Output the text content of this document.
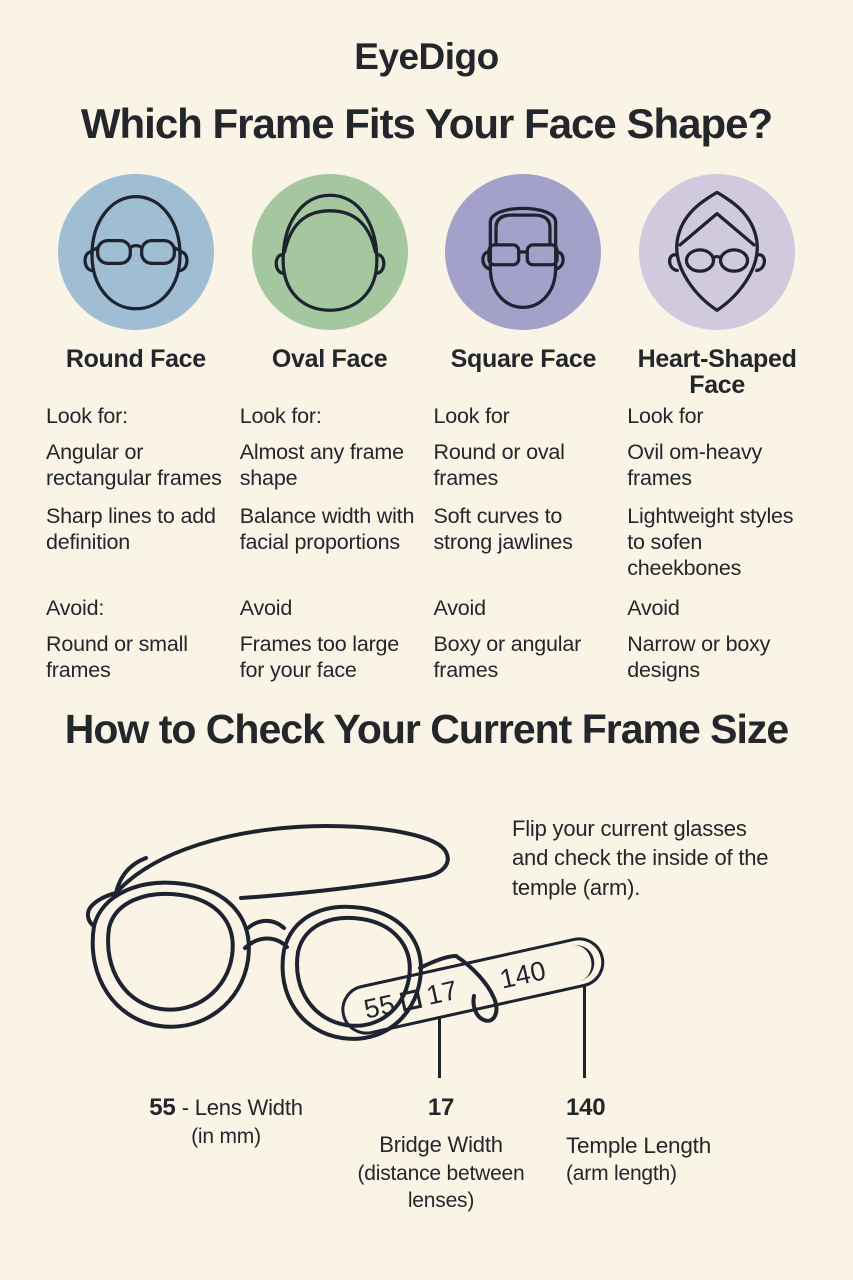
EyeDigo
Which Frame Fits Your Face Shape?
Round Face

Look for:

Angular or rectangular frames

Sharp lines to add definition

Avoid:

Round or small frames

Oval Face

Look for:

Almost any frame shape

Balance width with facial proportions

Avoid

Frames too large for your face

Square Face

Look for

Round or oval frames

Soft curves to strong jawlines

Avoid

Boxy or angular frames

Heart-Shaped Face

Look for

Ovil om-heavy frames

Lightweight styles to sofen cheekbones

Avoid

Narrow or boxy designs

How to Check Your Current Frame Size

Flip your current glasses and check the inside of the temple (arm).

55 17 140
55 - Lens Width
(in mm)
17
Bridge Width
(distance between lenses)
140
Temple Length
(arm length)
